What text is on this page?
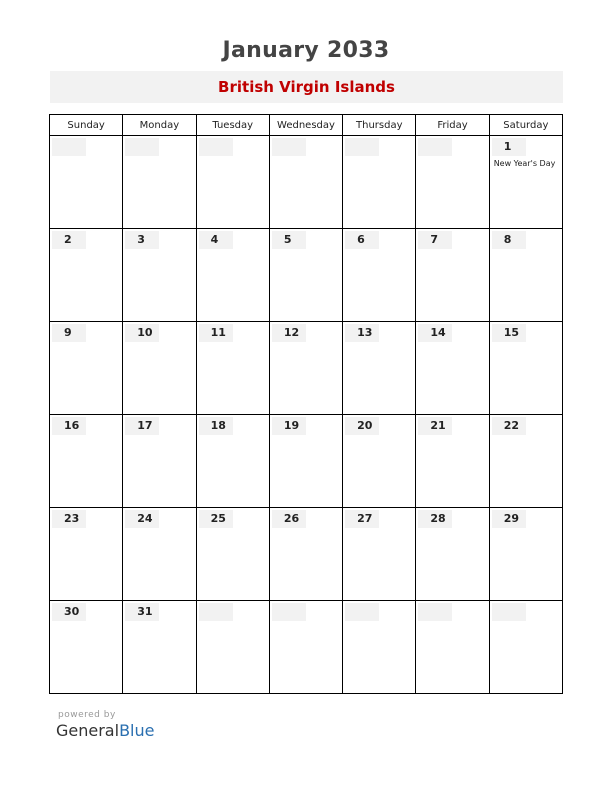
January 2033
British Virgin Islands
Sunday	Monday	Tuesday	Wednesday	Thursday	Friday	Saturday

						1
New Year's Day

2	3	4	5	6	7	8

9	10	11	12	13	14	15

16	17	18	19	20	21	22

23	24	25	26	27	28	29

30	31					

powered by
GeneralBlue
